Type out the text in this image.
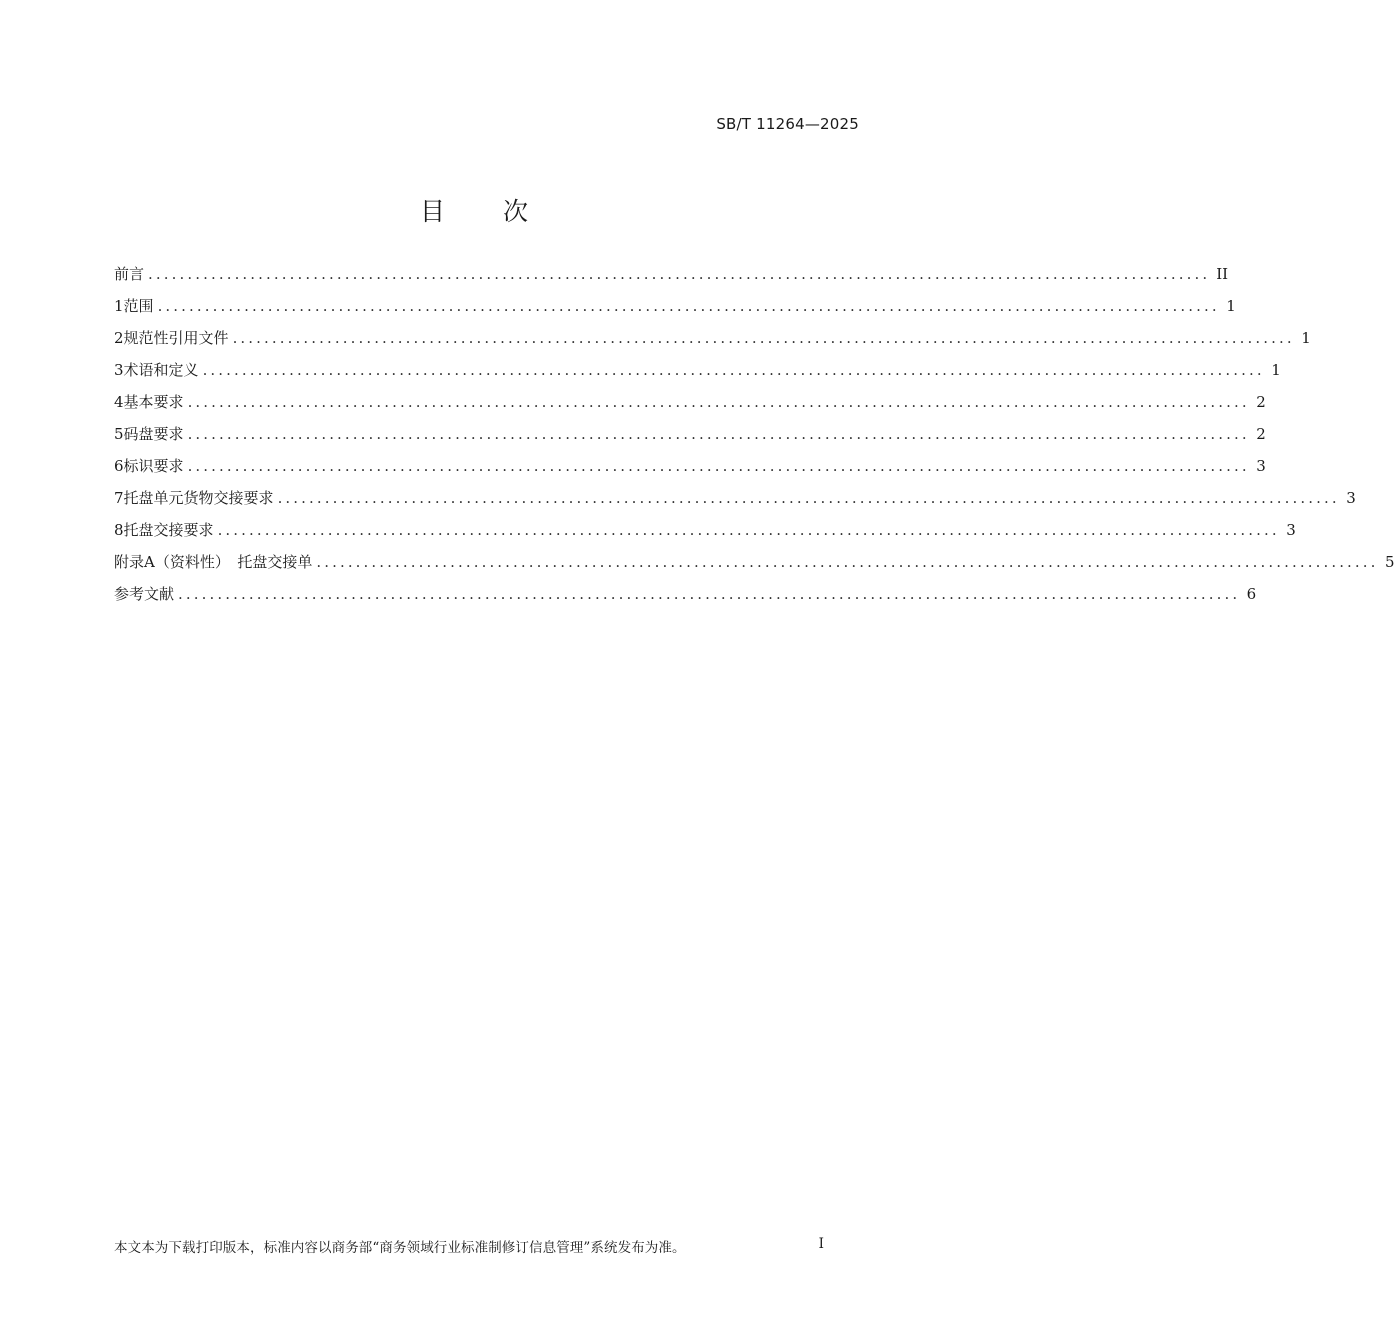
SB/T 11264—2025
目 次
前言 ....................................................................................................................................... II
1 范围 ....................................................................................................................................... 1
2 规范性引用文件 ....................................................................................................................................... 1
3 术语和定义 ....................................................................................................................................... 1
4 基本要求 ....................................................................................................................................... 2
5 码盘要求 ....................................................................................................................................... 2
6 标识要求 ....................................................................................................................................... 3
7 托盘单元货物交接要求 ....................................................................................................................................... 3
8 托盘交接要求 ....................................................................................................................................... 3
附录A（资料性）　托盘交接单 ....................................................................................................................................... 5
参考文献 ....................................................................................................................................... 6
本文本为下载打印版本，标准内容以商务部“商务领域行业标准制修订信息管理”系统发布为准。	I
